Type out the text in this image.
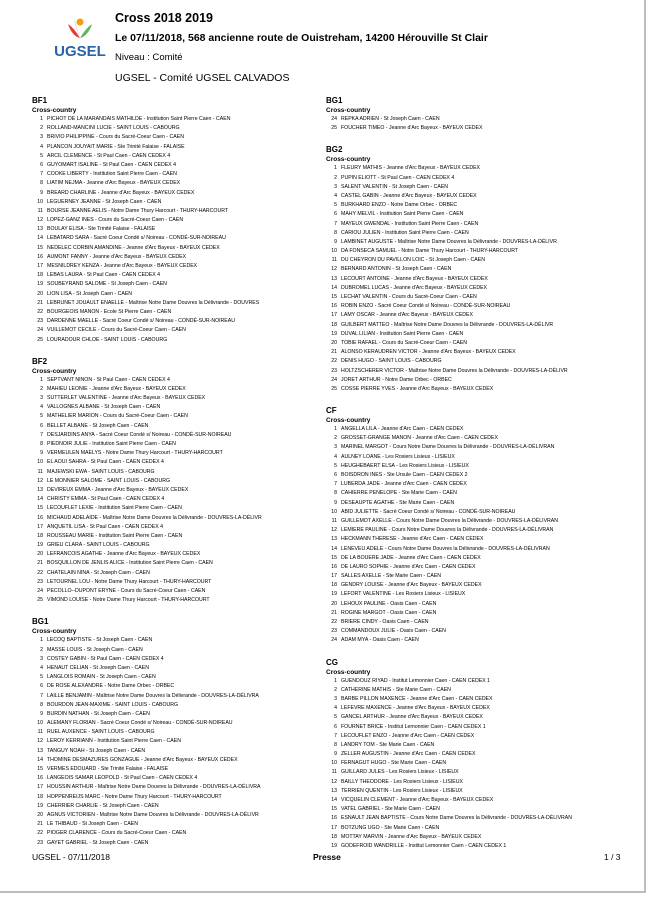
UGSEL
Cross 2018 2019
Le 07/11/2018, 568 ancienne route de Ouistreham, 14200 Hérouville St Clair
Niveau : Comité
UGSEL - Comité UGSEL CALVADOS
BF1
Cross-country
1 PICHOT DE LA MARANDAIS MATHILDE - Institution Saint Pierre Caen - CAEN
2 ROLLAND-MANCINI LUCIE - SAINT LOUIS - CABOURG
3 BRIVIO PHILIPPINE - Cours du Sacré-Coeur Caen - CAEN
4 PLANCON JOUYAIT MARIE - Ste Trinité Falaise - FALAISE
5 ARCIL CLEMENCE - St Paul Caen - CAEN CEDEX 4
6 GUYOMART ISALINE - St Paul Caen - CAEN CEDEX 4
7 COOKE LIBERTY - Institution Saint Pierre Caen - CAEN
8 LIATIM NEJMA - Jeanne d'Arc Bayeux - BAYEUX CEDEX
9 BREARD CHARLINE - Jeanne d'Arc Bayeux - BAYEUX CEDEX
10 LEGUERNEY JEANNE - St Joseph Caen - CAEN
11 BOURSE JEANNE AELIS - Notre Dame Thury Harcourt - THURY-HARCOURT
12 LOPEZ-GANZ INES - Cours du Sacré-Coeur Caen - CAEN
13 BOULAY ELISA - Ste Trinité Falaise - FALAISE
14 LEBATARD SARA - Sacré Coeur Condé s/ Noireau - CONDÉ-SUR-NOIREAU
15 NEDELEC CORBIN AMANDINE - Jeanne d'Arc Bayeux - BAYEUX CEDEX
16 AUMONT FANNY - Jeanne d'Arc Bayeux - BAYEUX CEDEX
17 MESNILDREY KENZA - Jeanne d'Arc Bayeux - BAYEUX CEDEX
18 LEBAS LAURA - St Paul Caen - CAEN CEDEX 4
19 SOUBEYRAND SALOME - St Joseph Caen - CAEN
20 LION LISA - St Joseph Caen - CAEN
21 LEBRUNET JOUAULT ENAELLE - Maîtrise Notre Dame Douvres la Délivrande - DOUVRES
22 BOURGEOIS MANON - Ecole St Pierre Caen - CAEN
23 DARDENNE MAELLE - Sacré Coeur Condé s/ Noireau - CONDÉ-SUR-NOIREAU
24 VUILLEMOT CECILE - Cours du Sacré-Coeur Caen - CAEN
25 LOURADOUR CHLOE - SAINT LOUIS - CABOURG
BF2
Cross-country
1 SEPTVANT NINON - St Paul Caen - CAEN CEDEX 4
2 MAHIEU LEONIE - Jeanne d'Arc Bayeux - BAYEUX CEDEX
3 SUTTERLET VALENTINE - Jeanne d'Arc Bayeux - BAYEUX CEDEX
4 VALLOGNES ALBANE - St Joseph Caen - CAEN
5 MATHELIER MARION - Cours du Sacré-Coeur Caen - CAEN
6 BELLET ALBANE - St Joseph Caen - CAEN
7 DESJARDINS ANYA - Sacré Coeur Condé s/ Noireau - CONDÉ-SUR-NOIREAU
8 PIEDNOIR JULIE - Institution Saint Pierre Caen - CAEN
9 VERMEULEN MAELYS - Notre Dame Thury Harcourt - THURY-HARCOURT
10 EL AOUI SAHRA - St Paul Caen - CAEN CEDEX 4
11 MAJEWSKI EWA - SAINT LOUIS - CABOURG
12 LE MONNIER SALOME - SAINT LOUIS - CABOURG
13 DEVIREUX EMMA - Jeanne d'Arc Bayeux - BAYEUX CEDEX
14 CHRISTY EMMA - St Paul Caen - CAEN CEDEX 4
15 LECOUFLET LEXIE - Institution Saint Pierre Caen - CAEN
16 MICHAUD ADELAIDE - Maîtrise Notre Dame Douvres la Délivrande - DOUVRES-LA-DÉLIVR
17 ANQUETIL LISA - St Paul Caen - CAEN CEDEX 4
18 ROUSSEAU MARIE - Institution Saint Pierre Caen - CAEN
19 GRIEU CLARA - SAINT LOUIS - CABOURG
20 LEFRANCOIS AGATHE - Jeanne d'Arc Bayeux - BAYEUX CEDEX
21 BOSQUILLON DE JENLIS ALICE - Institution Saint Pierre Caen - CAEN
22 CHATELAIN NINA - St Joseph Caen - CAEN
23 LETOURNEL LOU - Notre Dame Thury Harcourt - THURY-HARCOURT
24 PECOLLO--DUPONT ERYNE - Cours du Sacré-Coeur Caen - CAEN
25 VIMOND LOUISE - Notre Dame Thury Harcourt - THURY-HARCOURT
BG1
Cross-country
1 LECOQ BAPTISTE - St Joseph Caen - CAEN
2 MASSE LOUIS - St Joseph Caen - CAEN
3 COSTEY GABIN - St Paul Caen - CAEN CEDEX 4
4 HENAUT CELIAN - St Joseph Caen - CAEN
5 LANGLOIS ROMAIN - St Joseph Caen - CAEN
6 DE ROSE ALEXANDRE - Notre Dame Orbec - ORBEC
7 LAILLE BENJAMIN - Maîtrise Notre Dame Douvres la Délivrande - DOUVRES-LA-DÉLIVRA
8 BOURDON JEAN-MAXIME - SAINT LOUIS - CABOURG
9 BURDIN NATHAN - St Joseph Caen - CAEN
10 ALEMANY FLORIAN - Sacré Coeur Condé s/ Noireau - CONDÉ-SUR-NOIREAU
11 RUEL AUXENCE - SAINT LOUIS - CABOURG
12 LEROY KERRIANN - Institution Saint Pierre Caen - CAEN
13 TANGUY NOAH - St Joseph Caen - CAEN
14 THOMINE DESMAZURES GONZAGUE - Jeanne d'Arc Bayeux - BAYEUX CEDEX
15 VERMES EDOUARD - Ste Trinité Falaise - FALAISE
16 LANGEOIS SAMAR LEOPOLD - St Paul Caen - CAEN CEDEX 4
17 HOUSSIN ARTHUR - Maîtrise Notre Dame Douvres la Délivrande - DOUVRES-LA-DÉLIVRA
18 HOPPENREIJS MARC - Notre Dame Thury Harcourt - THURY-HARCOURT
19 CHERRIER CHARLIE - St Joseph Caen - CAEN
20 AGNUS VICTORIEN - Maîtrise Notre Dame Douvres la Délivrande - DOUVRES-LA-DÉLIVR
21 LE THIBAUD - St Joseph Caen - CAEN
22 PIOGER CLARENCE - Cours du Sacré-Coeur Caen - CAEN
23 GAYET GABRIEL - St Joseph Caen - CAEN
BG1
Cross-country
24 REPKA ADRIEN - St Joseph Caen - CAEN
25 FOUCHER TIMEO - Jeanne d'Arc Bayeux - BAYEUX CEDEX
BG2
Cross-country
1 FLEURY MATHIS - Jeanne d'Arc Bayeux - BAYEUX CEDEX
2 PUPIN ELIOTT - St Paul Caen - CAEN CEDEX 4
3 SALENT VALENTIN - St Joseph Caen - CAEN
4 CASTEL GABIN - Jeanne d'Arc Bayeux - BAYEUX CEDEX
5 BURKHARD ENZO - Notre Dame Orbec - ORBEC
6 MAHY MELVIL - Institution Saint Pierre Caen - CAEN
7 MAYEUX GWENDAL - Institution Saint Pierre Caen - CAEN
8 CARIOU JULIEN - Institution Saint Pierre Caen - CAEN
9 LAMBINET AUGUSTE - Maîtrise Notre Dame Douvres la Délivrande - DOUVRES-LA-DÉLIVR
10 DA FONSECA SAMUEL - Notre Dame Thury Harcourt - THURY-HARCOURT
11 DU CHEYRON DU PAVILLON LOIC - St Joseph Caen - CAEN
12 BERNARD ANTONIN - St Joseph Caen - CAEN
13 LECOURT ANTOINE - Jeanne d'Arc Bayeux - BAYEUX CEDEX
14 DUBROMEL LUCAS - Jeanne d'Arc Bayeux - BAYEUX CEDEX
15 LECHAT VALENTIN - Cours du Sacré-Coeur Caen - CAEN
16 ROBIN ENZO - Sacré Coeur Condé s/ Noireau - CONDÉ-SUR-NOIREAU
17 LAMY OSCAR - Jeanne d'Arc Bayeux - BAYEUX CEDEX
18 GUILBERT MATTEO - Maîtrise Notre Dame Douvres la Délivrande - DOUVRES-LA-DÉLIVR
19 DUVAL LILIAN - Institution Saint Pierre Caen - CAEN
20 TOBIE RAFAEL - Cours du Sacré-Coeur Caen - CAEN
21 ALONSO KERAUDREN VICTOR - Jeanne d'Arc Bayeux - BAYEUX CEDEX
22 DENIS HUGO - SAINT LOUIS - CABOURG
23 HOLTZSCHERER VICTOR - Maîtrise Notre Dame Douvres la Délivrande - DOUVRES-LA-DÉLIVR
24 JORET ARTHUR - Notre Dame Orbec - ORBEC
25 COSSE PIERRE YVES - Jeanne d'Arc Bayeux - BAYEUX CEDEX
CF
Cross-country
1 ANGELLA LILA - Jeanne d'Arc Caen - CAEN CEDEX
2 GROSSET-GRANGE MANON - Jeanne d'Arc Caen - CAEN CEDEX
3 MARINEL MARGOT - Cours Notre Dame Douvres la Délivrande - DOUVRES-LA-DÉLIVRAN
4 AULNEY LOANE - Les Rosiers Lisieux - LISIEUX
5 HEUGHEBAERT ELSA - Les Rosiers Lisieux - LISIEUX
6 BOISDRON INES - Ste Ursule Caen - CAEN CEDEX 2
7 LUBERDA JADE - Jeanne d'Arc Caen - CAEN CEDEX
8 CAHIERRE PENELOPE - Ste Marie Caen - CAEN
9 DESEAUPTE AGATHE - Ste Marie Caen - CAEN
10 ABID JULIETTE - Sacré Coeur Condé s/ Noireau - CONDÉ-SUR-NOIREAU
11 GUILLEMOT AXELLE - Cours Notre Dame Douvres la Délivrande - DOUVRES-LA-DÉLIVRAN
12 LEMIERE PAULINE - Cours Notre Dame Douvres la Délivrande - DOUVRES-LA-DÉLIVRAN
13 HECKMANN THERESE - Jeanne d'Arc Caen - CAEN CEDEX
14 LENEVEU ADELE - Cours Notre Dame Douvres la Délivrande - DOUVRES-LA-DÉLIVRAN
15 DE LA BOUERE JADE - Jeanne d'Arc Caen - CAEN CEDEX
16 DE LAURO SOPHIE - Jeanne d'Arc Caen - CAEN CEDEX
17 SALLES AXELLE - Ste Marie Caen - CAEN
18 GENDRY LOUISE - Jeanne d'Arc Bayeux - BAYEUX CEDEX
19 LEFORT VALENTINE - Les Rosiers Lisieux - LISIEUX
20 LEHOUX PAULINE - Oasis Caen - CAEN
21 ROGINE MARGOT - Oasis Caen - CAEN
22 BRIERE CINDY - Oasis Caen - CAEN
23 COMMANDOUX JULIE - Oasis Caen - CAEN
24 ADAM MYA - Oasis Caen - CAEN
CG
Cross-country
1 GUENDOUZ RIYAD - Institut Lemonnier Caen - CAEN CEDEX 1
2 CATHERINE MATHIS - Ste Marie Caen - CAEN
3 BARBE PILLON MAXENCE - Jeanne d'Arc Caen - CAEN CEDEX
4 LEFEVRE MAXENCE - Jeanne d'Arc Bayeux - BAYEUX CEDEX
5 GANCEL ARTHUR - Jeanne d'Arc Bayeux - BAYEUX CEDEX
6 FOURNET BRICE - Institut Lemonnier Caen - CAEN CEDEX 1
7 LECOUFLET ENZO - Jeanne d'Arc Caen - CAEN CEDEX
8 LANDRY TOM - Ste Marie Caen - CAEN
9 ZELLER AUGUSTIN - Jeanne d'Arc Caen - CAEN CEDEX
10 FERNAGUT HUGO - Ste Marie Caen - CAEN
11 GUILLARD JULES - Les Rosiers Lisieux - LISIEUX
12 BAILLY THEODORE - Les Rosiers Lisieux - LISIEUX
13 TERRIEN QUENTIN - Les Rosiers Lisieux - LISIEUX
14 VICQUELIN CLEMENT - Jeanne d'Arc Bayeux - BAYEUX CEDEX
15 VATEL GABRIEL - Ste Marie Caen - CAEN
16 ESNAULT JEAN BAPTISTE - Cours Notre Dame Douvres la Délivrande - DOUVRES-LA-DÉLIVRAN
17 BOTZUNG UGO - Ste Marie Caen - CAEN
18 MOTTAY MARVIN - Jeanne d'Arc Bayeux - BAYEUX CEDEX
19 GODEFROID WANDRILLE - Institut Lemonnier Caen - CAEN CEDEX 1
UGSEL - 07/11/2018	Presse	1 / 3
